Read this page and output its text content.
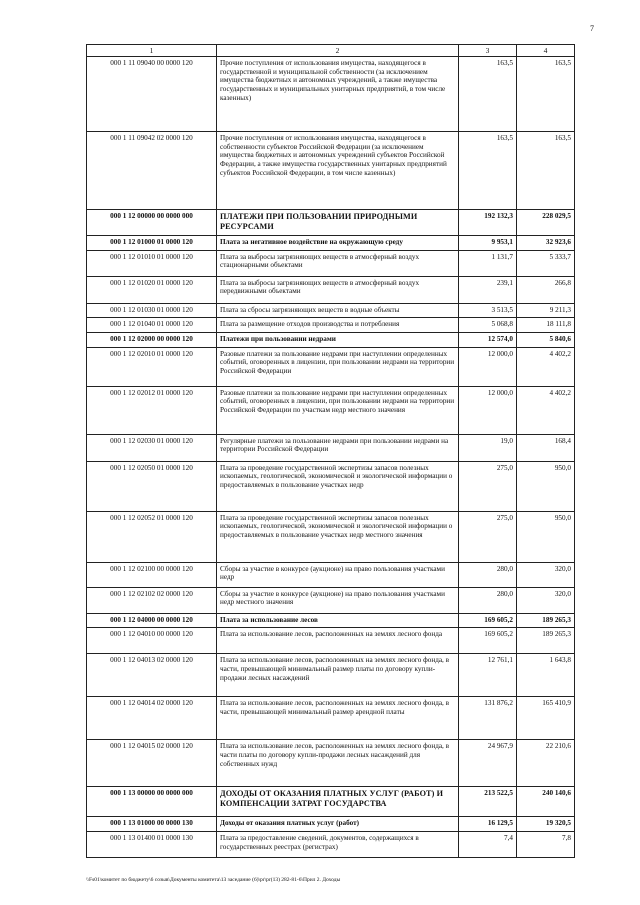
7
1	2	3	4
000 1 11 09040 00 0000 120	Прочие поступления от использования имущества, находящегося в государственной и муниципальной собственности (за исключением имущества бюджетных и автономных учреждений, а также имущества государственных и муниципальных унитарных предприятий, в том числе казенных)	163,5	163,5
000 1 11 09042 02 0000 120	Прочие поступления от использования имущества, находящегося в собственности субъектов Российской Федерации (за исключением имущества бюджетных и автономных учреждений субъектов Российской Федерации, а также имущества государственных унитарных предприятий субъектов Российской Федерации, в том числе казенных)	163,5	163,5
000 1 12 00000 00 0000 000	ПЛАТЕЖИ ПРИ ПОЛЬЗОВАНИИ ПРИРОДНЫМИ РЕСУРСАМИ	192 132,3	228 029,5
000 1 12 01000 01 0000 120	Плата за негативное воздействие на окружающую среду	9 953,1	32 923,6
000 1 12 01010 01 0000 120	Плата за выбросы загрязняющих веществ в атмосферный воздух стационарными объектами	1 131,7	5 333,7
000 1 12 01020 01 0000 120	Плата за выбросы загрязняющих веществ в атмосферный воздух передвижными объектами	239,1	266,8
000 1 12 01030 01 0000 120	Плата за сбросы загрязняющих веществ в водные объекты	3 513,5	9 211,3
000 1 12 01040 01 0000 120	Плата за размещение отходов производства и потребления	5 068,8	18 111,8
000 1 12 02000 00 0000 120	Платежи при пользовании недрами	12 574,0	5 840,6
000 1 12 02010 01 0000 120	Разовые платежи за пользование недрами при наступлении определенных событий, оговоренных в лицензии, при пользовании недрами на территории Российской Федерации	12 000,0	4 402,2
000 1 12 02012 01 0000 120	Разовые платежи за пользование недрами при наступлении определенных событий, оговоренных в лицензии, при пользовании недрами на территории Российской Федерации по участкам недр местного значения	12 000,0	4 402,2
000 1 12 02030 01 0000 120	Регулярные платежи за пользование недрами при пользовании недрами на территории Российской Федерации	19,0	168,4
000 1 12 02050 01 0000 120	Плата за проведение государственной экспертизы запасов полезных ископаемых, геологической, экономической и экологической информации о предоставляемых в пользование участках недр	275,0	950,0
000 1 12 02052 01 0000 120	Плата за проведение государственной экспертизы запасов полезных ископаемых, геологической, экономической и экологической информации о предоставляемых в пользование участках недр местного значения	275,0	950,0
000 1 12 02100 00 0000 120	Сборы за участие в конкурсе (аукционе) на право пользования участками недр	280,0	320,0
000 1 12 02102 02 0000 120	Сборы за участие в конкурсе (аукционе) на право пользования участками недр местного значения	280,0	320,0
000 1 12 04000 00 0000 120	Плата за использование лесов	169 605,2	189 265,3
000 1 12 04010 00 0000 120	Плата за использование лесов, расположенных на землях лесного фонда	169 605,2	189 265,3
000 1 12 04013 02 0000 120	Плата за использование лесов, расположенных на землях лесного фонда, в части, превышающей минимальный размер платы по договору купли-продажи лесных насаждений	12 761,1	1 643,8
000 1 12 04014 02 0000 120	Плата за использование лесов, расположенных на землях лесного фонда, в части, превышающей минимальный размер арендной платы	131 876,2	165 410,9
000 1 12 04015 02 0000 120	Плата за использование лесов, расположенных на землях лесного фонда, в части платы по договору купли-продажи лесных насаждений для собственных нужд	24 967,9	22 210,6
000 1 13 00000 00 0000 000	ДОХОДЫ ОТ ОКАЗАНИЯ ПЛАТНЫХ УСЛУГ (РАБОТ) И КОМПЕНСАЦИИ ЗАТРАТ ГОСУДАРСТВА	213 522,5	240 140,6
000 1 13 01000 00 0000 130	Доходы от оказания платных услуг (работ)	16 129,5	19 320,5
000 1 13 01400 01 0000 130	Плата за предоставление сведений, документов, содержащихся в государственных реестрах (регистрах)	7,4	7,8
\\Fs01\комитет по бюджету\6 созыв\Документы комитета\13 заседание (6)\pr\pr(13) 282-81-6\Прил 2. Доходы
